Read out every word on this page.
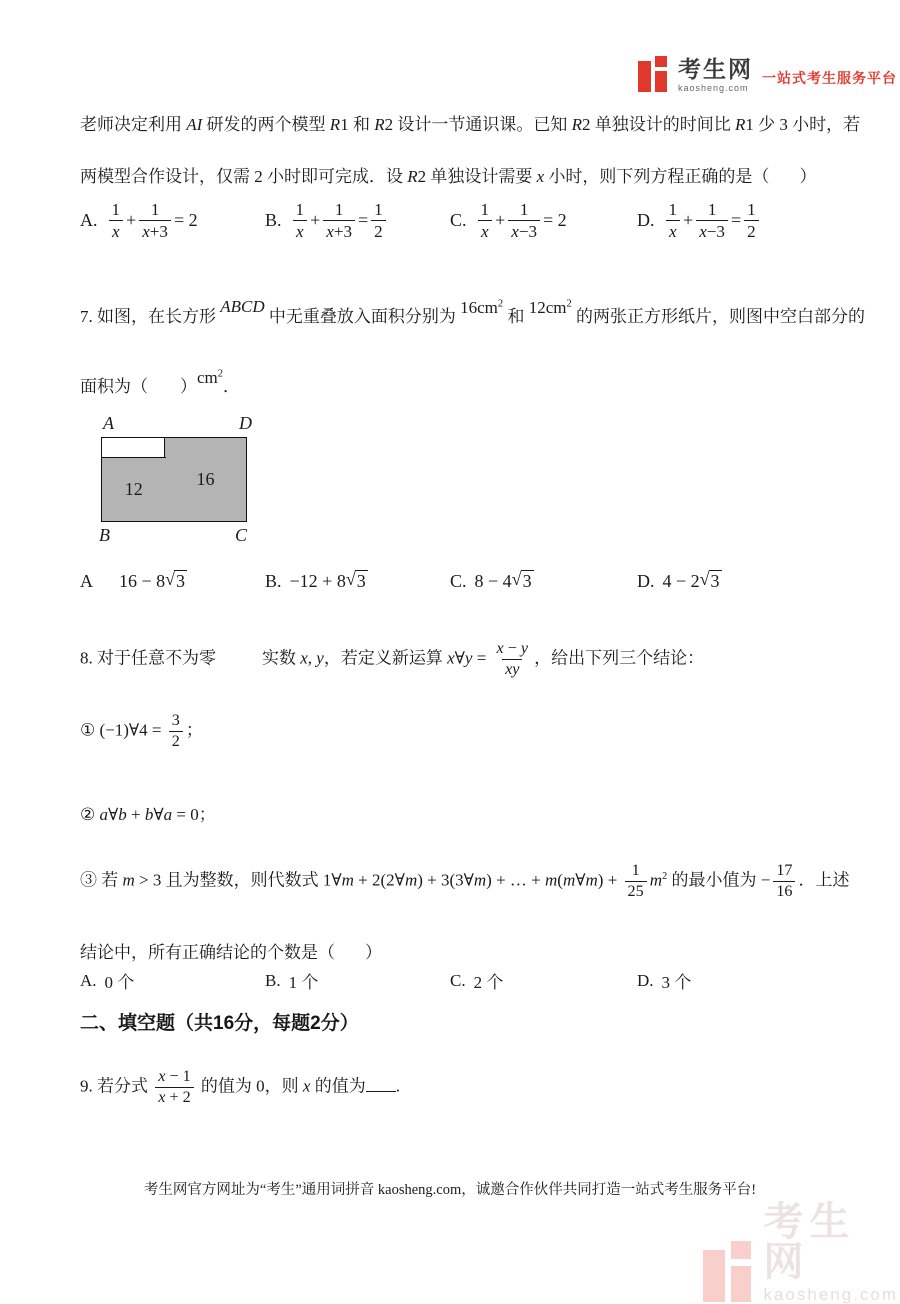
考生网
kaosheng.com
一站式考生服务平台
老师决定利用 AI 研发的两个模型 R1 和 R2 设计一节通识课。已知 R2 单独设计的时间比 R1 少 3 小时，若
两模型合作设计，仅需 2 小时即可完成．设 R2 单独设计需要 x 小时，则下列方程正确的是（ ）
A. $\frac{1}{x} + \frac{1}{x+3} = 2$	B. $\frac{1}{x} + \frac{1}{x+3} = \frac{1}{2}$	C. $\frac{1}{x} + \frac{1}{x-3} = 2$	D. $\frac{1}{x} + \frac{1}{x-3} = \frac{1}{2}$
7. 如图，在长方形 ABCD 中无重叠放入面积分别为 $16cm^2$ 和 $12cm^2$ 的两张正方形纸片，则图中空白部分的
面积为（ ）$cm^2$．
A	D
B	C
16
12
A	16 − 8 √ 3	B. −12 + 8 √ 3	C. 8 − 4 √ 3	D. 4 − 2 √ 3
8. 对于任意不为零	实数 x, y，若定义新运算 x∀y = $\frac{x - y}{xy}$ ，给出下列三个结论：
① (−1)∀4 = $\frac{3}{2}$ ；
② a∀b + b∀a = 0；
③ 若 m > 3 且为整数，则代数式 1∀m + 2(2∀m) + 3(3∀m) + … + m(m∀m) + $\frac{1}{25} m^2$ 的最小值为 − $\frac{17}{16}$ ．上述
结论中，所有正确结论的个数是（ ）
A. 0 个	B. 1 个	C. 2 个	D. 3 个
二、填空题（共16分，每题2分）
9. 若分式 $\frac{x - 1}{x + 2}$ 的值为 0，则 x 的值为 .
考生网官方网址为“考生”通用词拼音 kaosheng.com，诚邀合作伙伴共同打造一站式考生服务平台!
考生网
kaosheng.com
